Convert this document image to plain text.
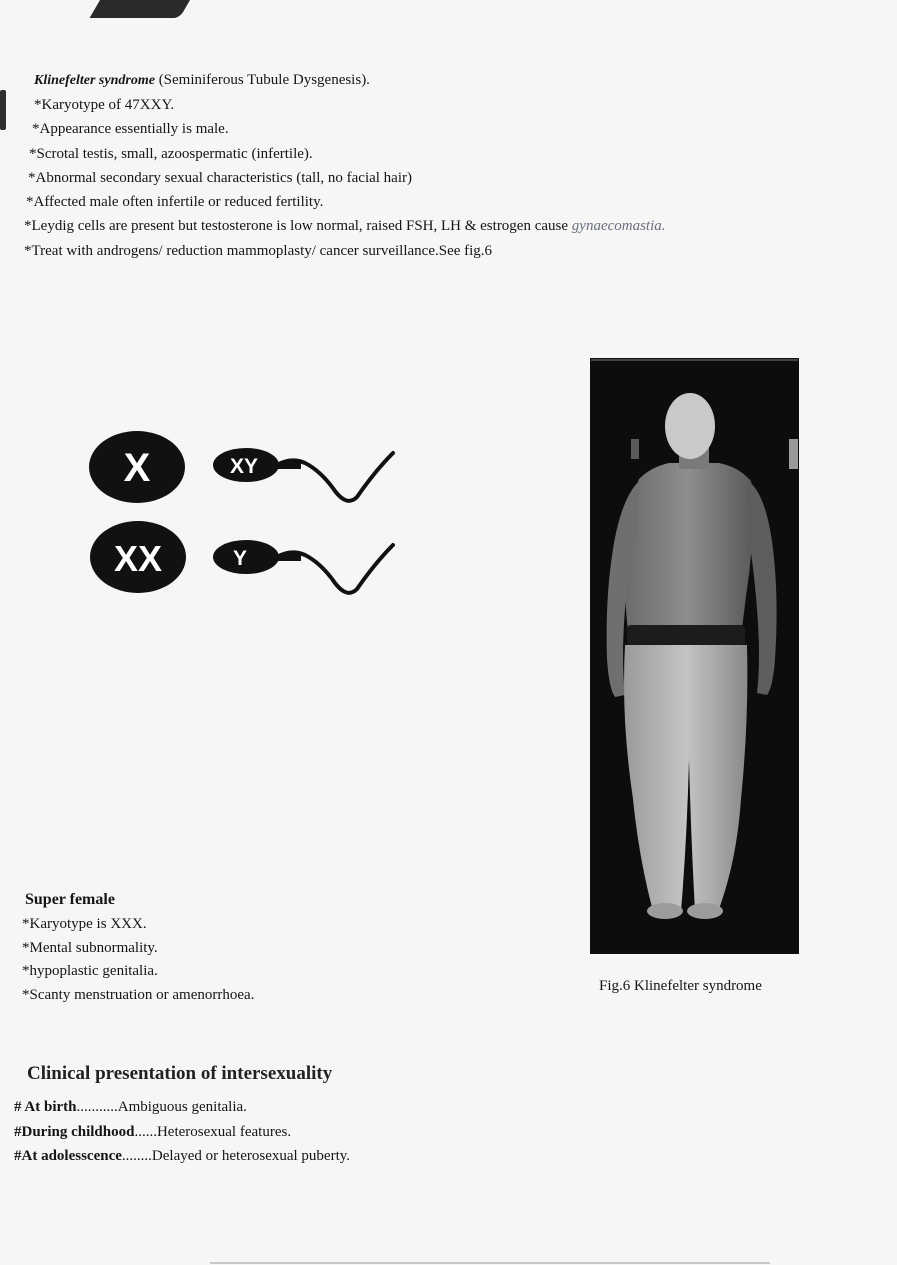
Klinefelter syndrome (Seminiferous Tubule Dysgenesis).

*Karyotype of 47XXY.
*Appearance essentially is male.
*Scrotal testis, small, azoospermatic (infertile).
*Abnormal secondary sexual characteristics (tall, no facial hair)
*Affected male often infertile or reduced fertility.
*Leydig cells are present but testosterone is low normal, raised FSH, LH & estrogen cause gynaecomastia.
*Treat with androgens/ reduction mammoplasty/ cancer surveillance.See fig.6
X	XY
XX	Y
Fig.6 Klinefelter syndrome

Super female

*Karyotype is XXX.
*Mental subnormality.
*hypoplastic genitalia.
*Scanty menstruation or amenorrhoea.

Clinical presentation of intersexuality

# At birth...........Ambiguous genitalia.
#During childhood......Heterosexual features.
#At adolesscence........Delayed or heterosexual puberty.
